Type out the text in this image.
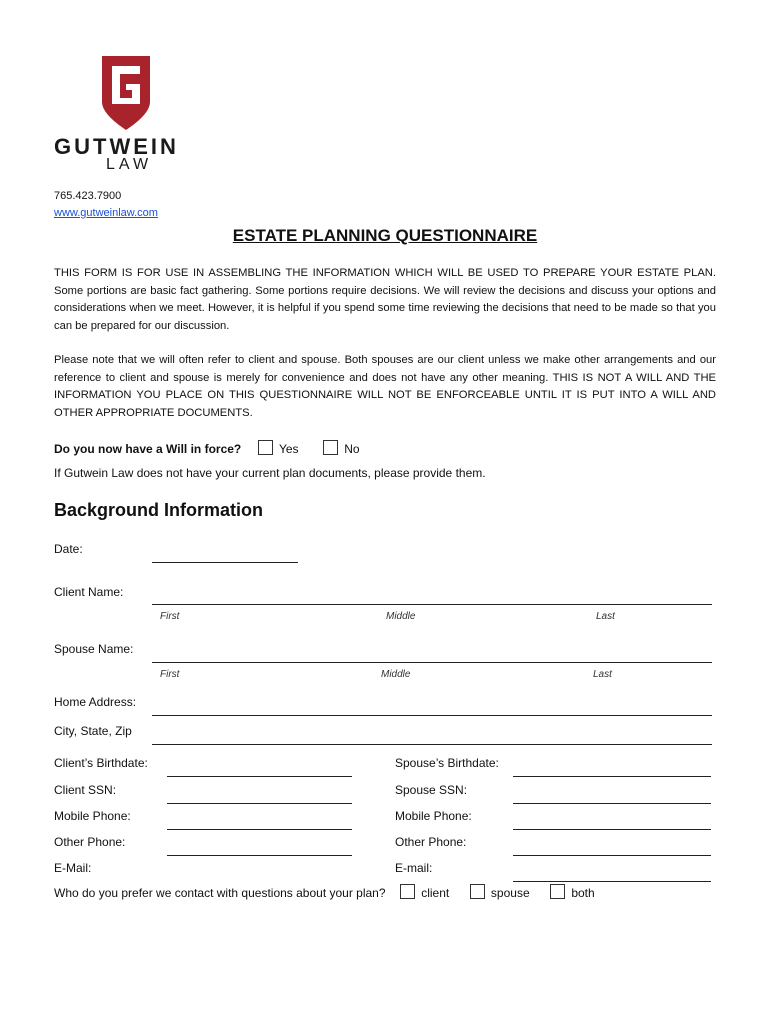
GUTWEIN
LAW
765.423.7900
www.gutweinlaw.com
ESTATE PLANNING QUESTIONNAIRE
THIS FORM IS FOR USE IN ASSEMBLING THE INFORMATION WHICH WILL BE USED TO PREPARE YOUR ESTATE PLAN. Some portions are basic fact gathering. Some portions require decisions. We will review the decisions and discuss your options and considerations when we meet. However, it is helpful if you spend some time reviewing the decisions that need to be made so that you can be prepared for our discussion.
Please note that we will often refer to client and spouse. Both spouses are our client unless we make other arrangements and our reference to client and spouse is merely for convenience and does not have any other meaning. THIS IS NOT A WILL AND THE INFORMATION YOU PLACE ON THIS QUESTIONNAIRE WILL NOT BE ENFORCEABLE UNTIL IT IS PUT INTO A WILL AND OTHER APPROPRIATE DOCUMENTS.
Do you now have a Will in force?	Yes	No
If Gutwein Law does not have your current plan documents, please provide them.
Background Information
Date:
Client Name:
First	Middle	Last
Spouse Name:
First	Middle	Last
Home Address:
City, State, Zip
Client’s Birthdate:	Spouse’s Birthdate:
Client SSN:	Spouse SSN:
Mobile Phone:	Mobile Phone:
Other Phone:	Other Phone:
E-Mail:	E-mail:
Who do you prefer we contact with questions about your plan?	client	spouse	both
